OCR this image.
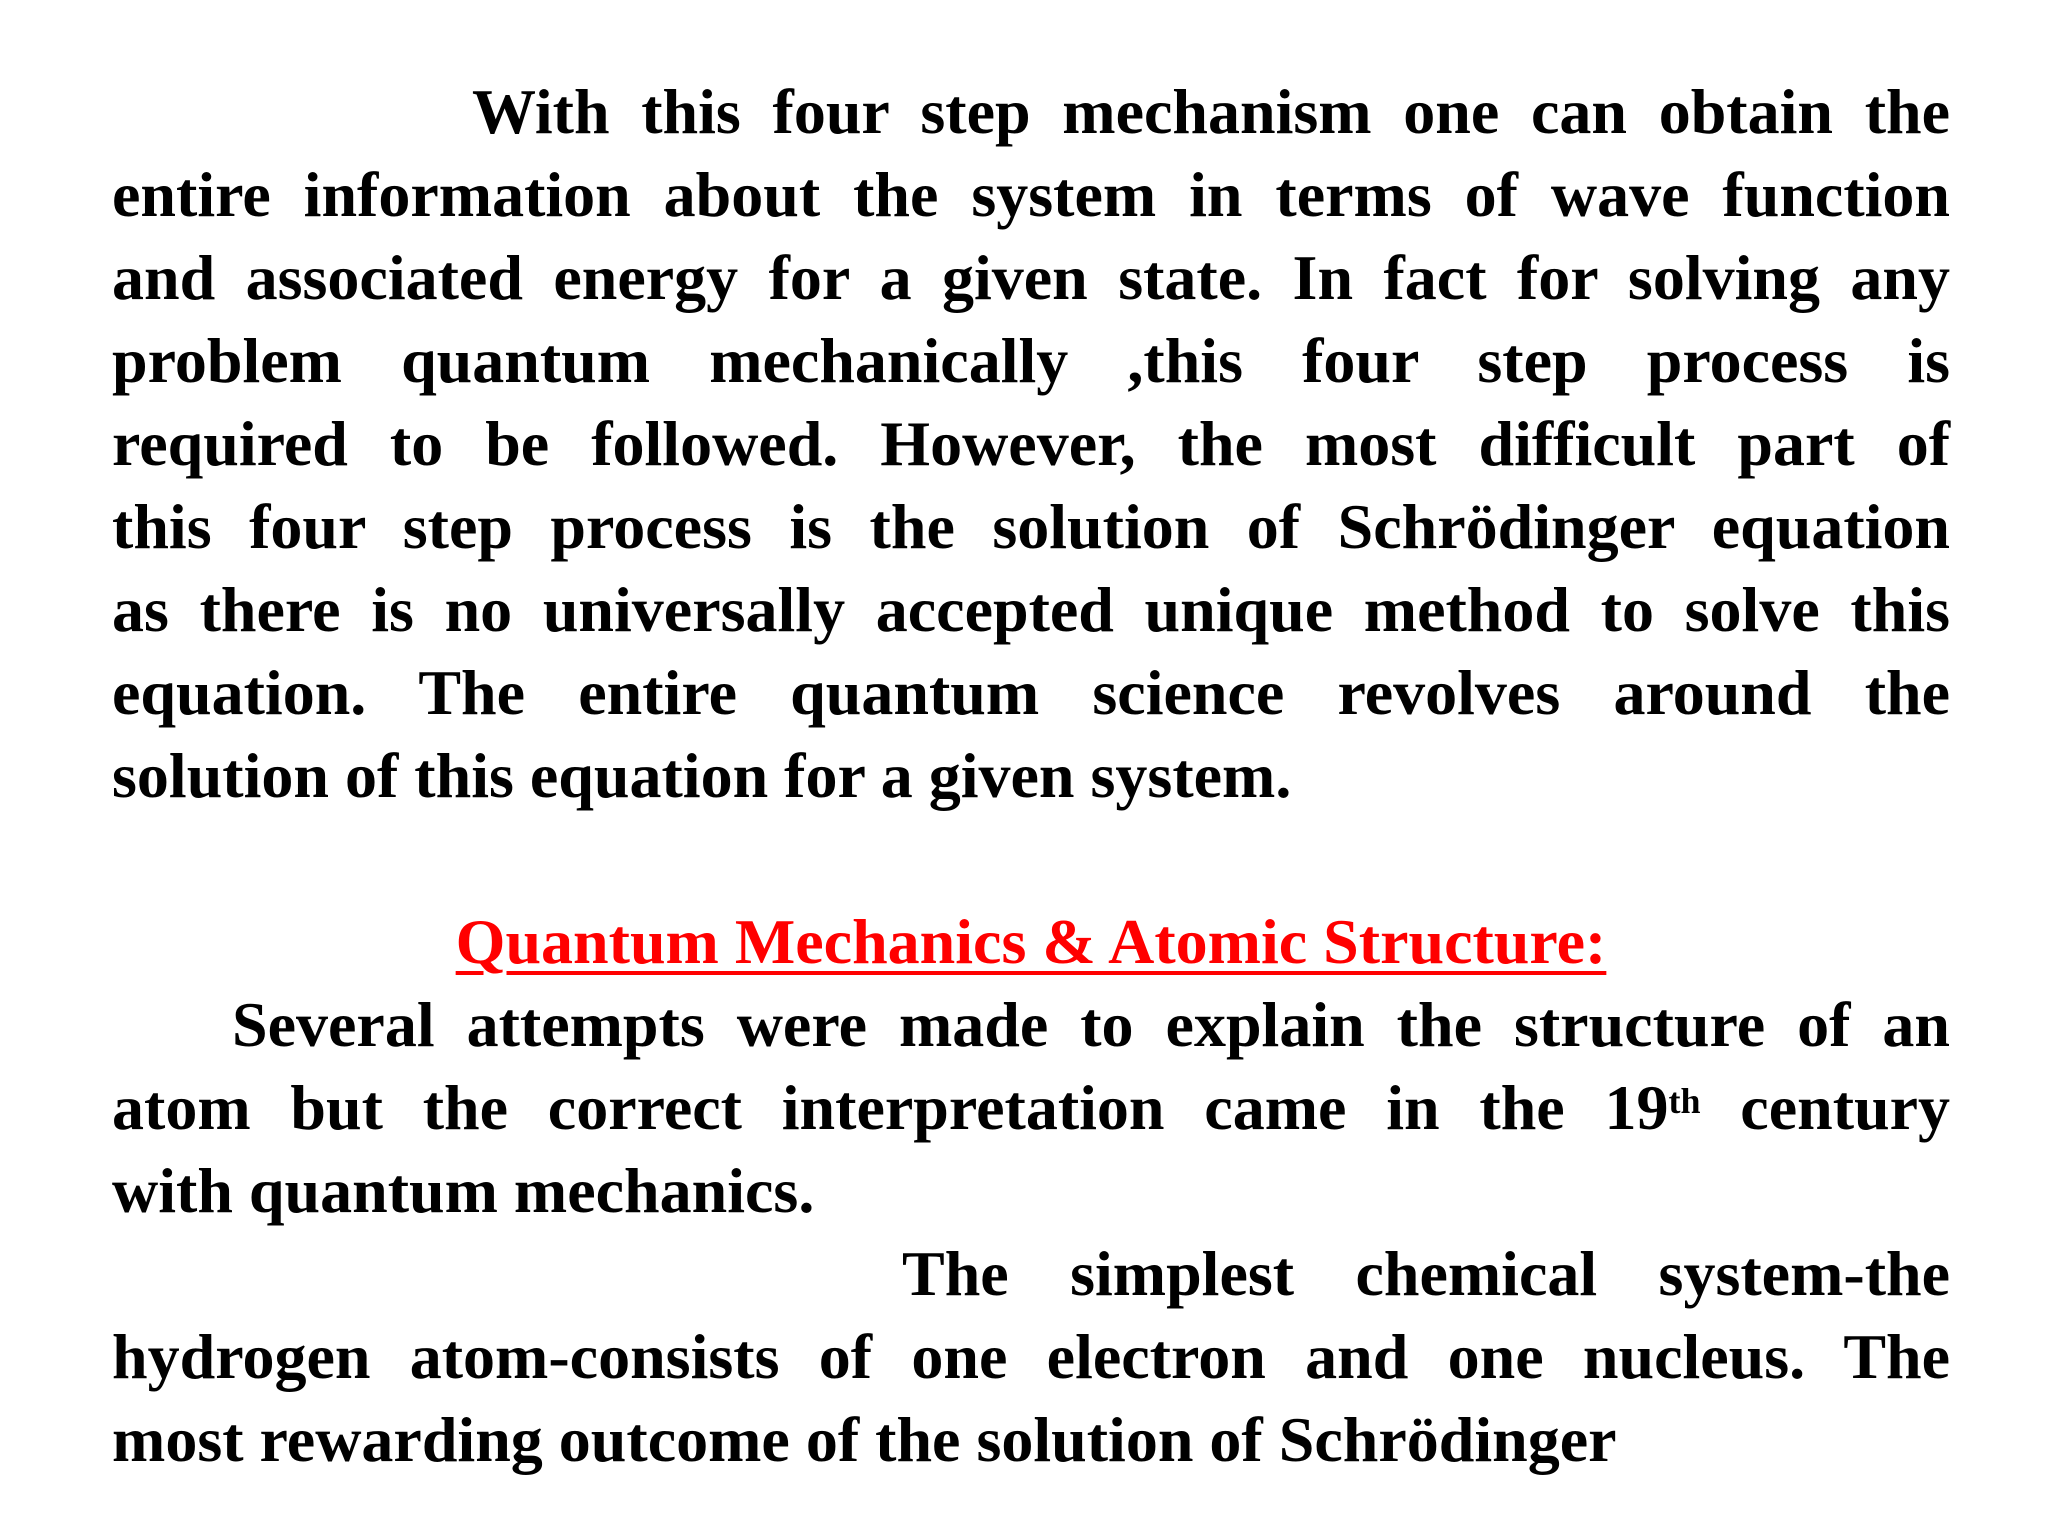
With this four step mechanism one can obtain the
entire information about the system in terms of wave function
and associated energy for a given state. In fact for solving any
problem quantum mechanically ,this four step process is
required to be followed. However, the most difficult part of
this four step process is the solution of Schrödinger equation
as there is no universally accepted unique method to solve this
equation. The entire quantum science revolves around the
solution of this equation for a given system.
Quantum Mechanics & Atomic Structure:
Several attempts were made to explain the structure of an
atom but the correct interpretation came in the 19th century
with quantum mechanics.
The simplest chemical system-the
hydrogen atom-consists of one electron and one nucleus. The
most rewarding outcome of the solution of Schrödinger
